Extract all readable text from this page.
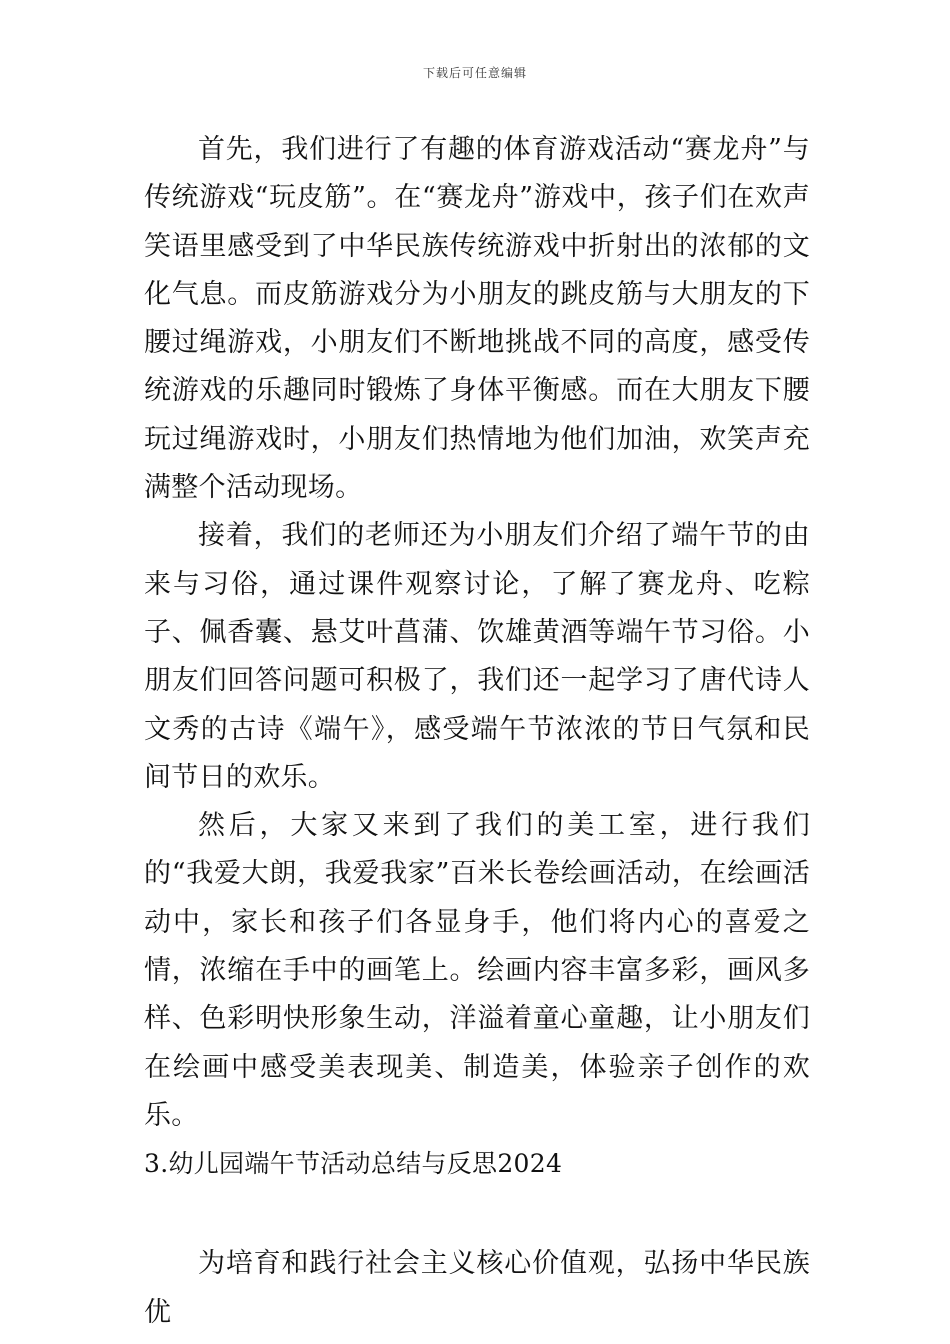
下载后可任意编辑

首先，我们进行了有趣的体育游戏活动“赛龙舟”与传统游戏“玩皮筋”。在“赛龙舟”游戏中，孩子们在欢声笑语里感受到了中华民族传统游戏中折射出的浓郁的文化气息。而皮筋游戏分为小朋友的跳皮筋与大朋友的下腰过绳游戏，小朋友们不断地挑战不同的高度，感受传统游戏的乐趣同时锻炼了身体平衡感。而在大朋友下腰玩过绳游戏时，小朋友们热情地为他们加油，欢笑声充满整个活动现场。

接着，我们的老师还为小朋友们介绍了端午节的由来与习俗，通过课件观察讨论，了解了赛龙舟、吃粽子、佩香囊、悬艾叶菖蒲、饮雄黄酒等端午节习俗。小朋友们回答问题可积极了，我们还一起学习了唐代诗人文秀的古诗《端午》，感受端午节浓浓的节日气氛和民间节日的欢乐。

然后，大家又来到了我们的美工室，进行我们的“我爱大朗，我爱我家”百米长卷绘画活动，在绘画活动中，家长和孩子们各显身手，他们将内心的喜爱之情，浓缩在手中的画笔上。绘画内容丰富多彩，画风多样、色彩明快形象生动，洋溢着童心童趣，让小朋友们在绘画中感受美表现美、制造美，体验亲子创作的欢乐。

3.幼儿园端午节活动总结与反思2024

为培育和践行社会主义核心价值观，弘扬中华民族优
